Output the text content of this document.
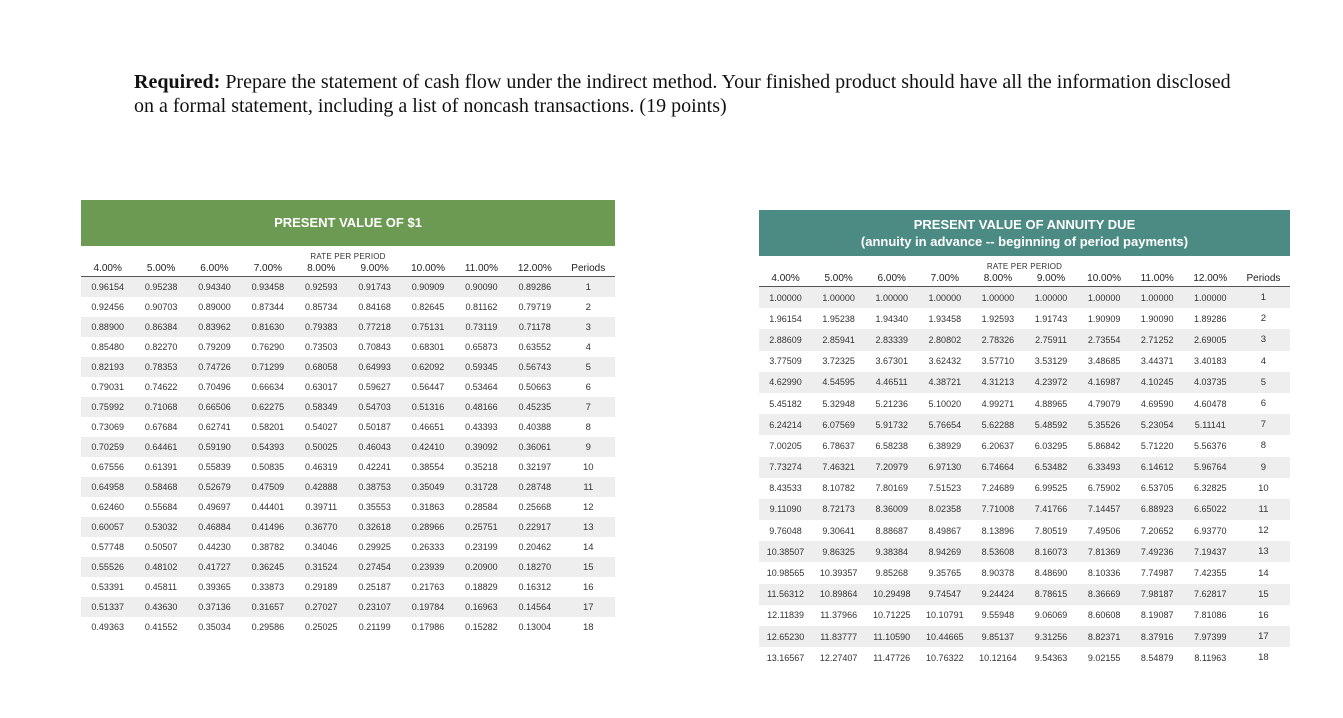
Required: Prepare the statement of cash flow under the indirect method. Your finished product should have all the information disclosed on a formal statement, including a list of noncash transactions. (19 points)
PRESENT VALUE OF $1
RATE PER PERIOD
4.00%	5.00%	6.00%	7.00%	8.00%	9.00%	10.00%	11.00%	12.00%	Periods
0.96154	0.95238	0.94340	0.93458	0.92593	0.91743	0.90909	0.90090	0.89286	1
0.92456	0.90703	0.89000	0.87344	0.85734	0.84168	0.82645	0.81162	0.79719	2
0.88900	0.86384	0.83962	0.81630	0.79383	0.77218	0.75131	0.73119	0.71178	3
0.85480	0.82270	0.79209	0.76290	0.73503	0.70843	0.68301	0.65873	0.63552	4
0.82193	0.78353	0.74726	0.71299	0.68058	0.64993	0.62092	0.59345	0.56743	5
0.79031	0.74622	0.70496	0.66634	0.63017	0.59627	0.56447	0.53464	0.50663	6
0.75992	0.71068	0.66506	0.62275	0.58349	0.54703	0.51316	0.48166	0.45235	7
0.73069	0.67684	0.62741	0.58201	0.54027	0.50187	0.46651	0.43393	0.40388	8
0.70259	0.64461	0.59190	0.54393	0.50025	0.46043	0.42410	0.39092	0.36061	9
0.67556	0.61391	0.55839	0.50835	0.46319	0.42241	0.38554	0.35218	0.32197	10
0.64958	0.58468	0.52679	0.47509	0.42888	0.38753	0.35049	0.31728	0.28748	11
0.62460	0.55684	0.49697	0.44401	0.39711	0.35553	0.31863	0.28584	0.25668	12
0.60057	0.53032	0.46884	0.41496	0.36770	0.32618	0.28966	0.25751	0.22917	13
0.57748	0.50507	0.44230	0.38782	0.34046	0.29925	0.26333	0.23199	0.20462	14
0.55526	0.48102	0.41727	0.36245	0.31524	0.27454	0.23939	0.20900	0.18270	15
0.53391	0.45811	0.39365	0.33873	0.29189	0.25187	0.21763	0.18829	0.16312	16
0.51337	0.43630	0.37136	0.31657	0.27027	0.23107	0.19784	0.16963	0.14564	17
0.49363	0.41552	0.35034	0.29586	0.25025	0.21199	0.17986	0.15282	0.13004	18
PRESENT VALUE OF ANNUITY DUE
(annuity in advance -- beginning of period payments)
RATE PER PERIOD
4.00%	5.00%	6.00%	7.00%	8.00%	9.00%	10.00%	11.00%	12.00%	Periods
1.00000	1.00000	1.00000	1.00000	1.00000	1.00000	1.00000	1.00000	1.00000	1
1.96154	1.95238	1.94340	1.93458	1.92593	1.91743	1.90909	1.90090	1.89286	2
2.88609	2.85941	2.83339	2.80802	2.78326	2.75911	2.73554	2.71252	2.69005	3
3.77509	3.72325	3.67301	3.62432	3.57710	3.53129	3.48685	3.44371	3.40183	4
4.62990	4.54595	4.46511	4.38721	4.31213	4.23972	4.16987	4.10245	4.03735	5
5.45182	5.32948	5.21236	5.10020	4.99271	4.88965	4.79079	4.69590	4.60478	6
6.24214	6.07569	5.91732	5.76654	5.62288	5.48592	5.35526	5.23054	5.11141	7
7.00205	6.78637	6.58238	6.38929	6.20637	6.03295	5.86842	5.71220	5.56376	8
7.73274	7.46321	7.20979	6.97130	6.74664	6.53482	6.33493	6.14612	5.96764	9
8.43533	8.10782	7.80169	7.51523	7.24689	6.99525	6.75902	6.53705	6.32825	10
9.11090	8.72173	8.36009	8.02358	7.71008	7.41766	7.14457	6.88923	6.65022	11
9.76048	9.30641	8.88687	8.49867	8.13896	7.80519	7.49506	7.20652	6.93770	12
10.38507	9.86325	9.38384	8.94269	8.53608	8.16073	7.81369	7.49236	7.19437	13
10.98565	10.39357	9.85268	9.35765	8.90378	8.48690	8.10336	7.74987	7.42355	14
11.56312	10.89864	10.29498	9.74547	9.24424	8.78615	8.36669	7.98187	7.62817	15
12.11839	11.37966	10.71225	10.10791	9.55948	9.06069	8.60608	8.19087	7.81086	16
12.65230	11.83777	11.10590	10.44665	9.85137	9.31256	8.82371	8.37916	7.97399	17
13.16567	12.27407	11.47726	10.76322	10.12164	9.54363	9.02155	8.54879	8.11963	18
